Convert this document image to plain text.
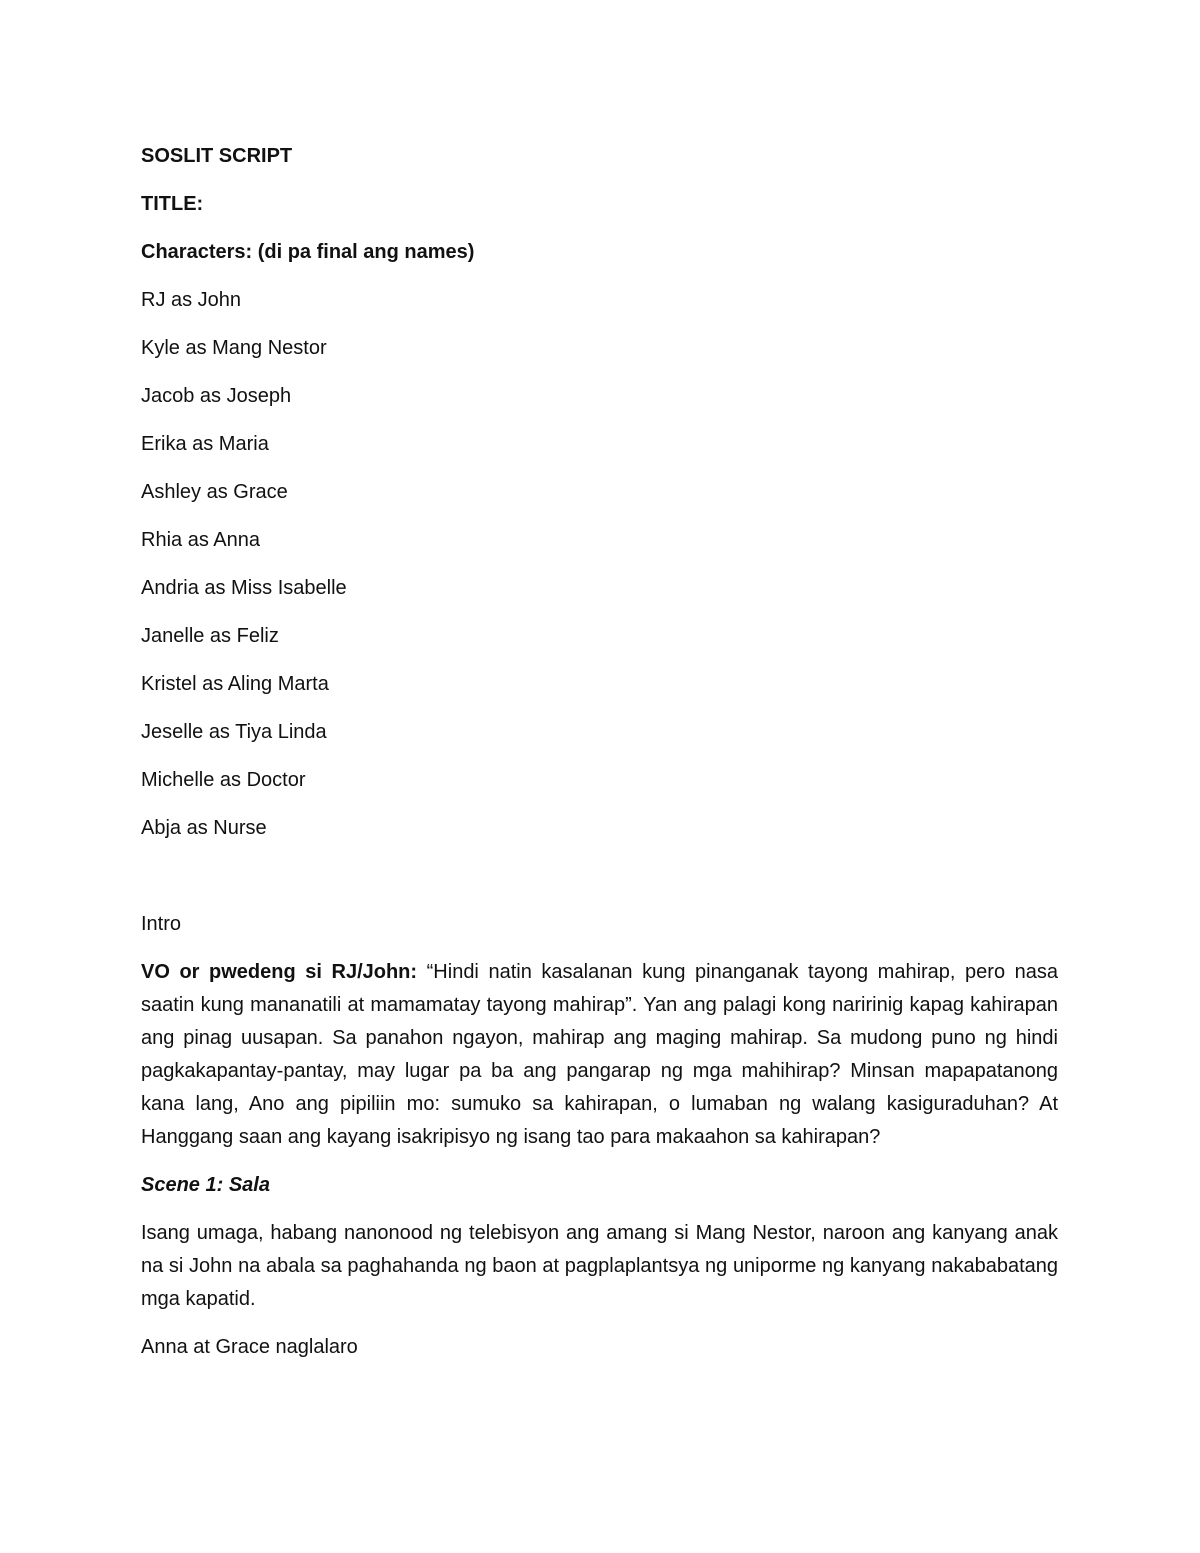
SOSLIT SCRIPT

TITLE:

Characters: (di pa final ang names)

RJ as John

Kyle as Mang Nestor

Jacob as Joseph

Erika as Maria

Ashley as Grace

Rhia as Anna

Andria as Miss Isabelle

Janelle as Feliz

Kristel as Aling Marta

Jeselle as Tiya Linda

Michelle as Doctor

Abja as Nurse

Intro

VO or pwedeng si RJ/John: “Hindi natin kasalanan kung pinanganak tayong mahirap, pero nasa saatin kung mananatili at mamamatay tayong mahirap”. Yan ang palagi kong naririnig kapag kahirapan ang pinag uusapan. Sa panahon ngayon, mahirap ang maging mahirap. Sa mudong puno ng hindi pagkakapantay-pantay, may lugar pa ba ang pangarap ng mga mahihirap? Minsan mapapatanong kana lang, Ano ang pipiliin mo: sumuko sa kahirapan, o lumaban ng walang kasiguraduhan? At Hanggang saan ang kayang isakripisyo ng isang tao para makaahon sa kahirapan?

Scene 1: Sala

Isang umaga, habang nanonood ng telebisyon ang amang si Mang Nestor, naroon ang kanyang anak na si John na abala sa paghahanda ng baon at pagplaplantsya ng uniporme ng kanyang nakababatang mga kapatid.

Anna at Grace naglalaro
